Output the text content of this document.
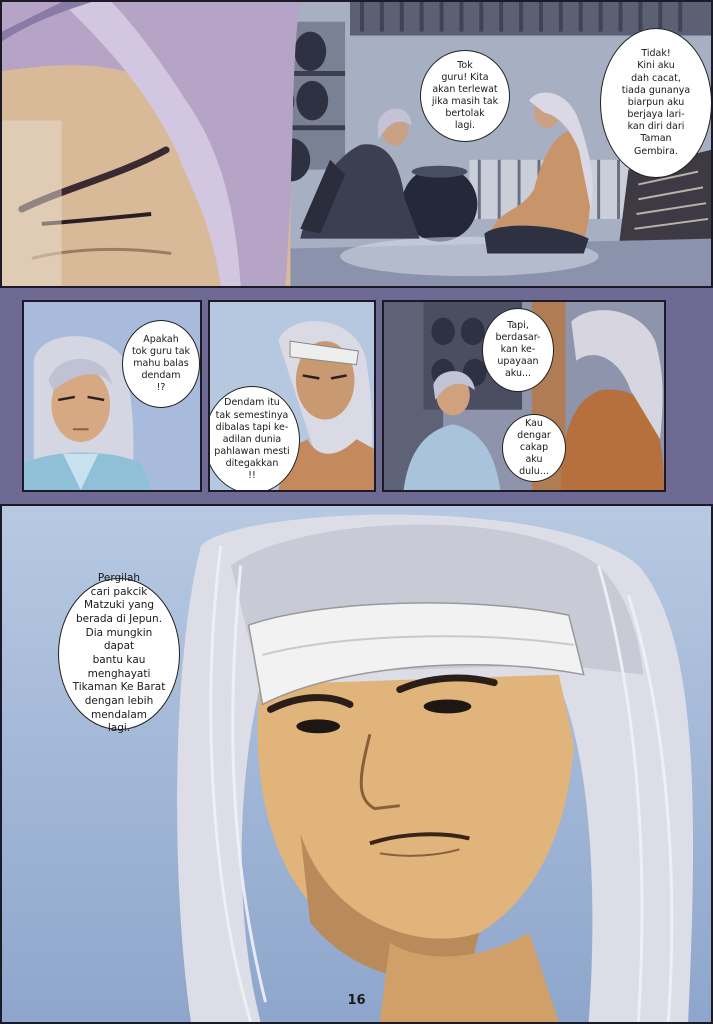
Tok
guru! Kita
akan terlewat
jika masih tak
bertolak
lagi.
Tidak!
Kini aku
dah cacat,
tiada gunanya
biarpun aku
berjaya lari-
kan diri dari
Taman
Gembira.
Apakah
tok guru tak
mahu balas
dendam
!?
Dendam itu
tak semestinya
dibalas tapi ke-
adilan dunia
pahlawan mesti
ditegakkan
!!
Tapi,
berdasar-
kan ke-
upayaan
aku...
Kau
dengar
cakap aku
dulu...
Pergilah
cari pakcik
Matzuki yang
berada di Jepun.
Dia mungkin dapat
bantu kau menghayati
Tikaman Ke Barat
dengan lebih
mendalam
lagi.
16
